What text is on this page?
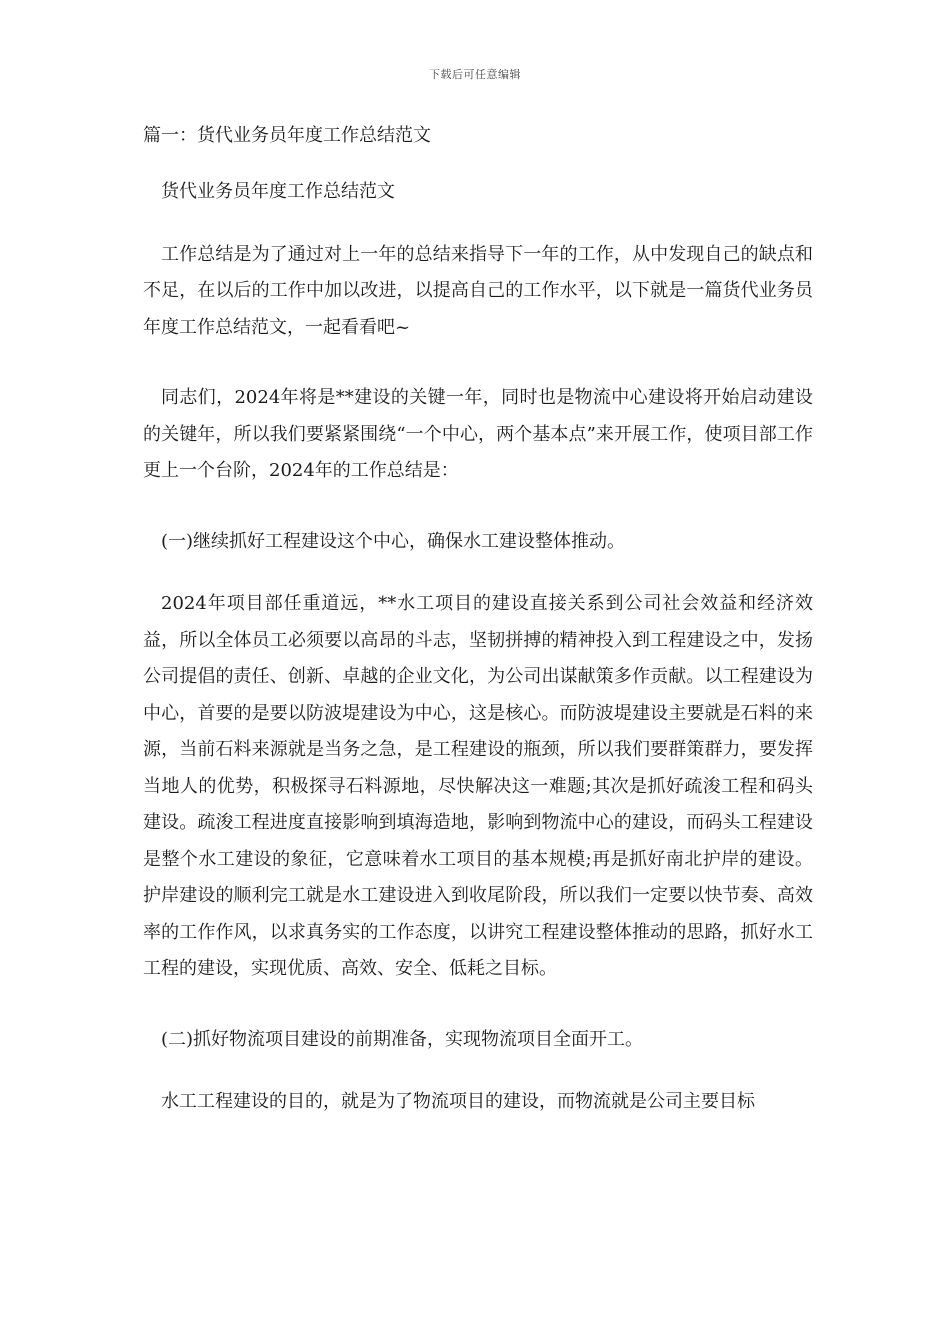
下载后可任意编辑
篇一：货代业务员年度工作总结范文

货代业务员年度工作总结范文

工作总结是为了通过对上一年的总结来指导下一年的工作，从中发现自己的缺点和不足，在以后的工作中加以改进，以提高自己的工作水平，以下就是一篇货代业务员年度工作总结范文，一起看看吧~

同志们，2024年将是**建设的关键一年，同时也是物流中心建设将开始启动建设的关键年，所以我们要紧紧围绕“一个中心，两个基本点”来开展工作，使项目部工作更上一个台阶，2024年的工作总结是：

(一)继续抓好工程建设这个中心，确保水工建设整体推动。

2024年项目部任重道远，**水工项目的建设直接关系到公司社会效益和经济效益，所以全体员工必须要以高昂的斗志，坚韧拼搏的精神投入到工程建设之中，发扬公司提倡的责任、创新、卓越的企业文化，为公司出谋献策多作贡献。以工程建设为中心，首要的是要以防波堤建设为中心，这是核心。而防波堤建设主要就是石料的来源，当前石料来源就是当务之急，是工程建设的瓶颈，所以我们要群策群力，要发挥当地人的优势，积极探寻石料源地，尽快解决这一难题;其次是抓好疏浚工程和码头建设。疏浚工程进度直接影响到填海造地，影响到物流中心的建设，而码头工程建设是整个水工建设的象征，它意味着水工项目的基本规模;再是抓好南北护岸的建设。护岸建设的顺利完工就是水工建设进入到收尾阶段，所以我们一定要以快节奏、高效率的工作作风，以求真务实的工作态度，以讲究工程建设整体推动的思路，抓好水工工程的建设，实现优质、高效、安全、低耗之目标。

(二)抓好物流项目建设的前期准备，实现物流项目全面开工。

水工工程建设的目的，就是为了物流项目的建设，而物流就是公司主要目标
